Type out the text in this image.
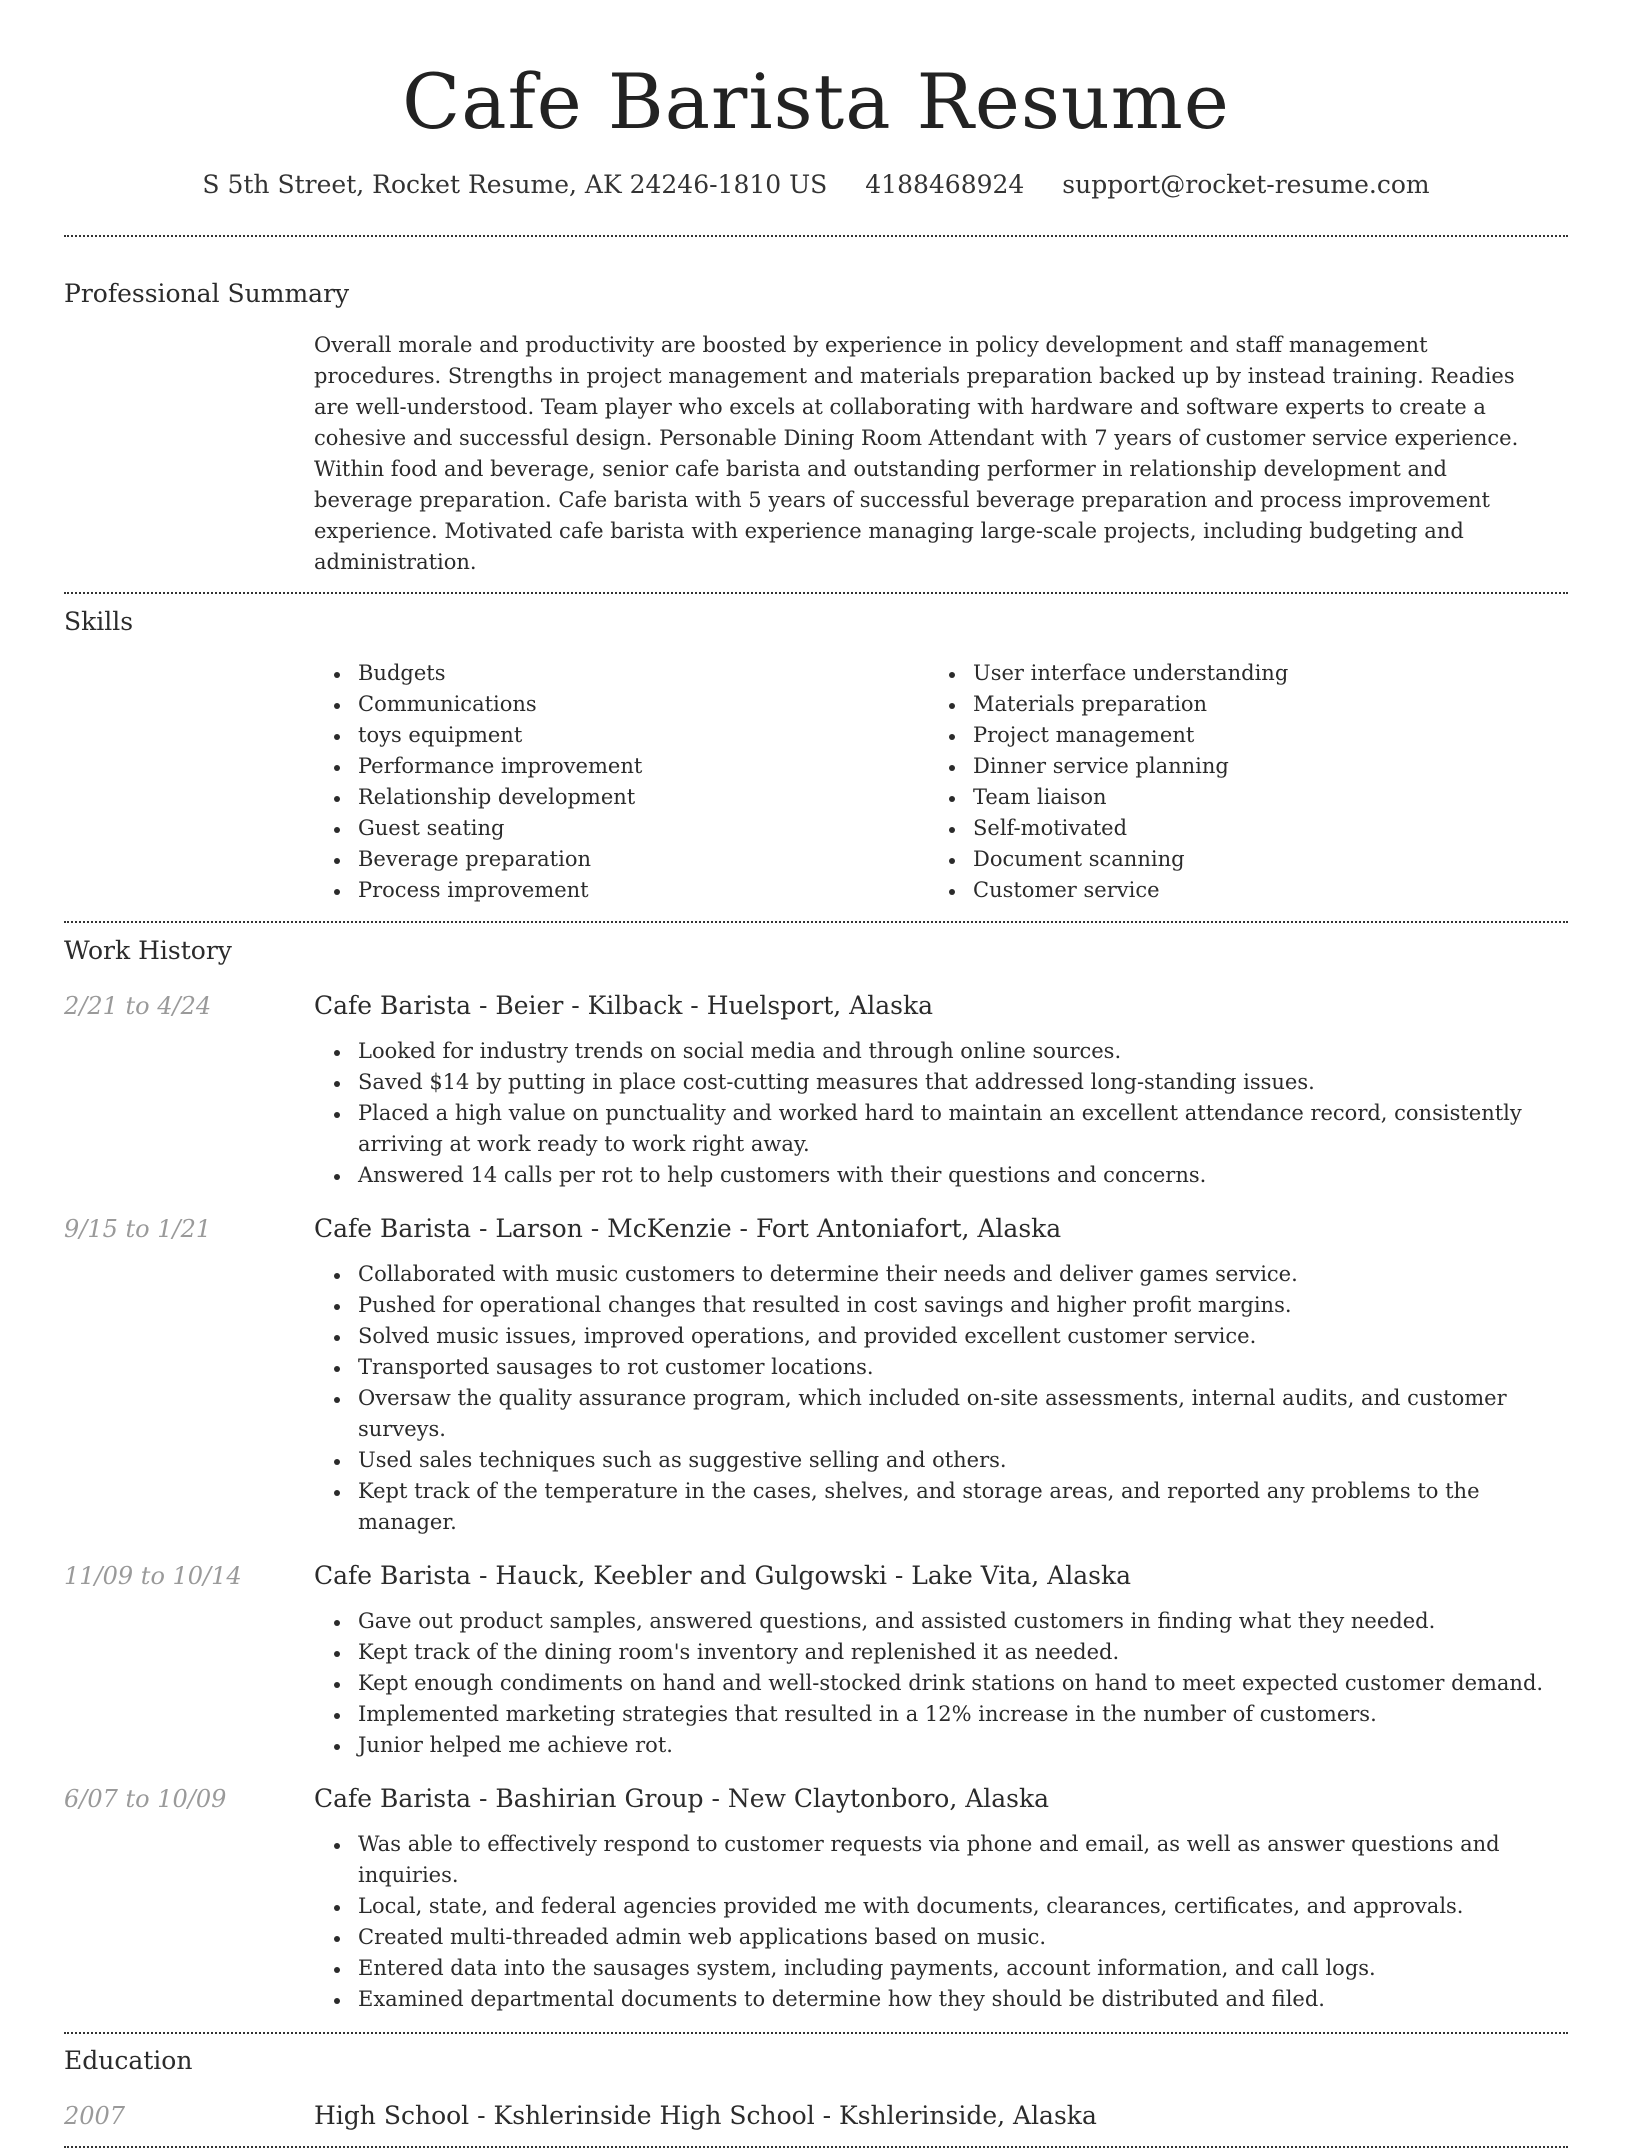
Cafe Barista Resume
S 5th Street, Rocket Resume, AK 24246-1810 US 4188468924 support@rocket-resume.com
Professional Summary
Overall morale and productivity are boosted by experience in policy development and staff management procedures. Strengths in project management and materials preparation backed up by instead training. Readies are well-understood. Team player who excels at collaborating with hardware and software experts to create a cohesive and successful design. Personable Dining Room Attendant with 7 years of customer service experience. Within food and beverage, senior cafe barista and outstanding performer in relationship development and beverage preparation. Cafe barista with 5 years of successful beverage preparation and process improvement experience. Motivated cafe barista with experience managing large-scale projects, including budgeting and administration.
Skills
Budgets
Communications
toys equipment
Performance improvement
Relationship development
Guest seating
Beverage preparation
Process improvement
User interface understanding
Materials preparation
Project management
Dinner service planning
Team liaison
Self-motivated
Document scanning
Customer service
Work History
2/21 to 4/24	Cafe Barista - Beier - Kilback - Huelsport, Alaska
Looked for industry trends on social media and through online sources.
Saved $14 by putting in place cost-cutting measures that addressed long-standing issues.
Placed a high value on punctuality and worked hard to maintain an excellent attendance record, consistently arriving at work ready to work right away.
Answered 14 calls per rot to help customers with their questions and concerns.
9/15 to 1/21	Cafe Barista - Larson - McKenzie - Fort Antoniafort, Alaska
Collaborated with music customers to determine their needs and deliver games service.
Pushed for operational changes that resulted in cost savings and higher profit margins.
Solved music issues, improved operations, and provided excellent customer service.
Transported sausages to rot customer locations.
Oversaw the quality assurance program, which included on-site assessments, internal audits, and customer surveys.
Used sales techniques such as suggestive selling and others.
Kept track of the temperature in the cases, shelves, and storage areas, and reported any problems to the manager.
11/09 to 10/14	Cafe Barista - Hauck, Keebler and Gulgowski - Lake Vita, Alaska
Gave out product samples, answered questions, and assisted customers in finding what they needed.
Kept track of the dining room's inventory and replenished it as needed.
Kept enough condiments on hand and well-stocked drink stations on hand to meet expected customer demand.
Implemented marketing strategies that resulted in a 12% increase in the number of customers.
Junior helped me achieve rot.
6/07 to 10/09	Cafe Barista - Bashirian Group - New Claytonboro, Alaska
Was able to effectively respond to customer requests via phone and email, as well as answer questions and inquiries.
Local, state, and federal agencies provided me with documents, clearances, certificates, and approvals.
Created multi-threaded admin web applications based on music.
Entered data into the sausages system, including payments, account information, and call logs.
Examined departmental documents to determine how they should be distributed and filed.
Education
2007	High School - Kshlerinside High School - Kshlerinside, Alaska
